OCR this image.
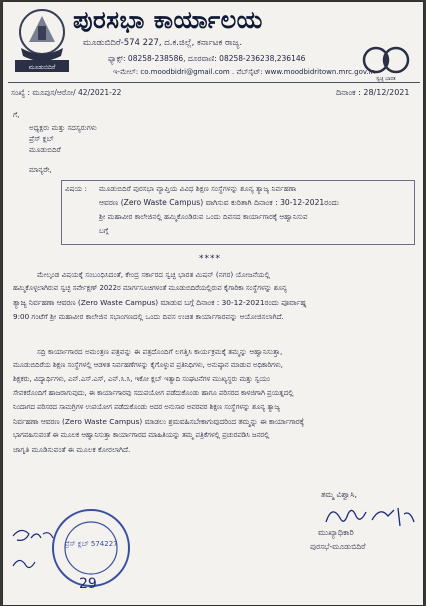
ಮೂಡುಬಿದಿರೆ
ಪುರಸಭಾ ಕಾರ್ಯಾಲಯ
ಮೂಡುಬಿದಿರೆ-574 227, ದ.ಕ.ಜಿಲ್ಲೆ, ಕರ್ನಾಟಕ ರಾಜ್ಯ.
ಫ್ಯಾಕ್ಸ್: 08258-238586, ದೂರವಾಣಿ: 08258-236238,236146
ಇ-ಮೇಲ್: co.moodbidri@gmail.com . ವೆಬ್‌ಸೈಟ್: www.moodbidritown.mrc.gov.in
ಸ್ವಚ್ಛ ಭಾರತ
ಸಂಖ್ಯೆ : ಮೂಪುಸ/ಆರೋ/ 42/2021-22	ದಿನಾಂಕ : 28/12/2021
ಗೆ,
ಅಧ್ಯಕ್ಷರು ಮತ್ತು ಸದಸ್ಯರುಗಳು
ಪ್ರೆಸ್ ಕ್ಲಬ್
ಮೂಡುಬಿದಿರೆ
ಮಾನ್ಯರೇ,
ವಿಷಯ : ಮೂಡುಬಿದಿರೆ ಪುರಸಭಾ ವ್ಯಾಪ್ತಿಯ ವಿವಿಧ ಶಿಕ್ಷಣ ಸಂಸ್ಥೆಗಳನ್ನು ಶೂನ್ಯ ತ್ಯಾಜ್ಯ ನಿರ್ವಹಣಾ
ಆವರಣ (Zero Waste Campus) ವಾಗಿಸುವ ಕುರಿತಾಗಿ ದಿನಾಂಕ : 30-12-2021ರಂದು
ಶ್ರೀ ಮಹಾವೀರ ಕಾಲೇಜಿನಲ್ಲಿ ಹಮ್ಮಿಕೊಂಡಿರುವ ಒಂದು ದಿವಸದ ಕಾರ್ಯಾಗಾರಕ್ಕೆ ಆಹ್ವಾನಿಸುವ
ಬಗ್ಗೆ
****
ಮೇಲ್ಕಂಡ ವಿಷಯಕ್ಕೆ ಸಂಬಂಧಿಸಿದಂತೆ, ಕೇಂದ್ರ ಸರ್ಕಾರದ ಸ್ವಚ್ಛ ಭಾರತ ಮಿಷನ್ (ನಗರ) ಯೋಜನೆಯಲ್ಲಿ
ಹಮ್ಮಿಕೊಳ್ಳಲಾಗಿರುವ ಸ್ವಚ್ಛ ಸರ್ವೇಕ್ಷಣ್ 2022ರ ಮಾರ್ಗಸೂಚಿಗಳಂತೆ ಮೂಡುಬಿದಿರೆಯಲ್ಲಿರುವ ಕೈಗಾರಿಕಾ ಸಂಸ್ಥೆಗಳನ್ನು ಶೂನ್ಯ
ತ್ಯಾಜ್ಯ ನಿರ್ವಹಣಾ ಆವರಣ (Zero Waste Campus) ಮಾಡುವ ಬಗ್ಗೆ ದಿನಾಂಕ : 30-12-2021ರಂದು ಪೂರ್ವಾಹ್ನ
9:00 ಗಂಟೆಗೆ ಶ್ರೀ ಮಹಾವೀರ ಕಾಲೇಜಿನ ಸಭಾಂಗಣದಲ್ಲಿ ಒಂದು ದಿವಸ ಉಚಿತ ಕಾರ್ಯಾಗಾರವನ್ನು ಆಯೋಜಿಸಲಾಗಿದೆ.
ಸದ್ರಿ ಕಾರ್ಯಾಗಾರದ ಅಮಂತ್ರಣ ಪತ್ರವನ್ನು ಈ ಪತ್ರದೊಂದಿಗೆ ಲಗತ್ತಿಸಿ ಕಾರ್ಯಕ್ರಮಕ್ಕೆ ತಮ್ಮನ್ನು ಆಹ್ವಾನಿಸುತ್ತಾ,
ಮೂಡುಬಿದಿರೆಯ ಶಿಕ್ಷಣ ಸಂಸ್ಥೆಗಳಲ್ಲಿ ಆಡಳಿತ ನಿರ್ವಹಣೆಗಳನ್ನು ಕೈಗೊಳ್ಳುವ ಪ್ರತಿನಿಧಿಗಳು, ಅನುಷ್ಠಾನ ಮಾಡುವ ಅಧಿಕಾರಿಗಳು,
ಶಿಕ್ಷಕರು, ವಿದ್ಯಾರ್ಥಿಗಳು, ಎನ್.ಎಸ್.ಎಸ್, ಎನ್.ಸಿ.ಸಿ, ಇಕೋ ಕ್ಲಬ್ ಇತ್ಯಾದಿ ಸಂಘಟನೆಗಳ ಮುಖ್ಯಸ್ಥರು ಮತ್ತು ಸ್ವಯಂ
ಸೇವಕರೊಂದಿಗೆ ಹಾಜರಾಗುವುದು, ಈ ಕಾರ್ಯಾಗಾರವು ಸದುಪಯೋಗ ಪಡೆದುಕೊಂಡು ಹಾಗೂ ಪರಿಸರದ ಕಾಳಜಿಗಾಗಿ ಪ್ರಯತ್ನದಲ್ಲಿ
ನಿಂದಾಗದ ಪರಿಸರದ ಸಾಮಗ್ರಿಗಳ ಉಪಯೋಗ ಪಡೆದುಕೊಂಡು ಅದರ ಅನುಸಾರ ಅವರವರ ಶಿಕ್ಷಣ ಸಂಸ್ಥೆಗಳನ್ನು ಶೂನ್ಯ ತ್ಯಾಜ್ಯ
ನಿರ್ವಹಣಾ ಆವರಣ (Zero Waste Campus) ಮಾಡಲು ಶ್ರಮವಹಿಸಬೇಕಾಗುವುದರಿಂದ ತಮ್ಮನ್ನು ಈ ಕಾರ್ಯಾಗಾರಕ್ಕೆ
ಭಾಗವಹಿಸುವಂತೆ ಈ ಮೂಲಕ ಆಹ್ವಾನಿಸುತ್ತಾ ಕಾರ್ಯಾಗಾರದ ಮಾಹಿತಿಯನ್ನು ತಮ್ಮ ಪತ್ರಿಕೆಗಳಲ್ಲಿ ಪ್ರಚುರಪಡಿಸಿ ಜನರಲ್ಲಿ
ಜಾಗೃತಿ ಮೂಡಿಸುವಂತೆ ಈ ಮೂಲಕ ಕೋರಲಾಗಿದೆ.
ತಮ್ಮ ವಿಶ್ವಾಸಿ,
ಮುಖ್ಯಾಧಿಕಾರಿ
ಪುರಸಭೆ-ಮೂಡುಬಿದಿರೆ
ಪ್ರೆಸ್ ಕ್ಲಬ್ 574227
29
